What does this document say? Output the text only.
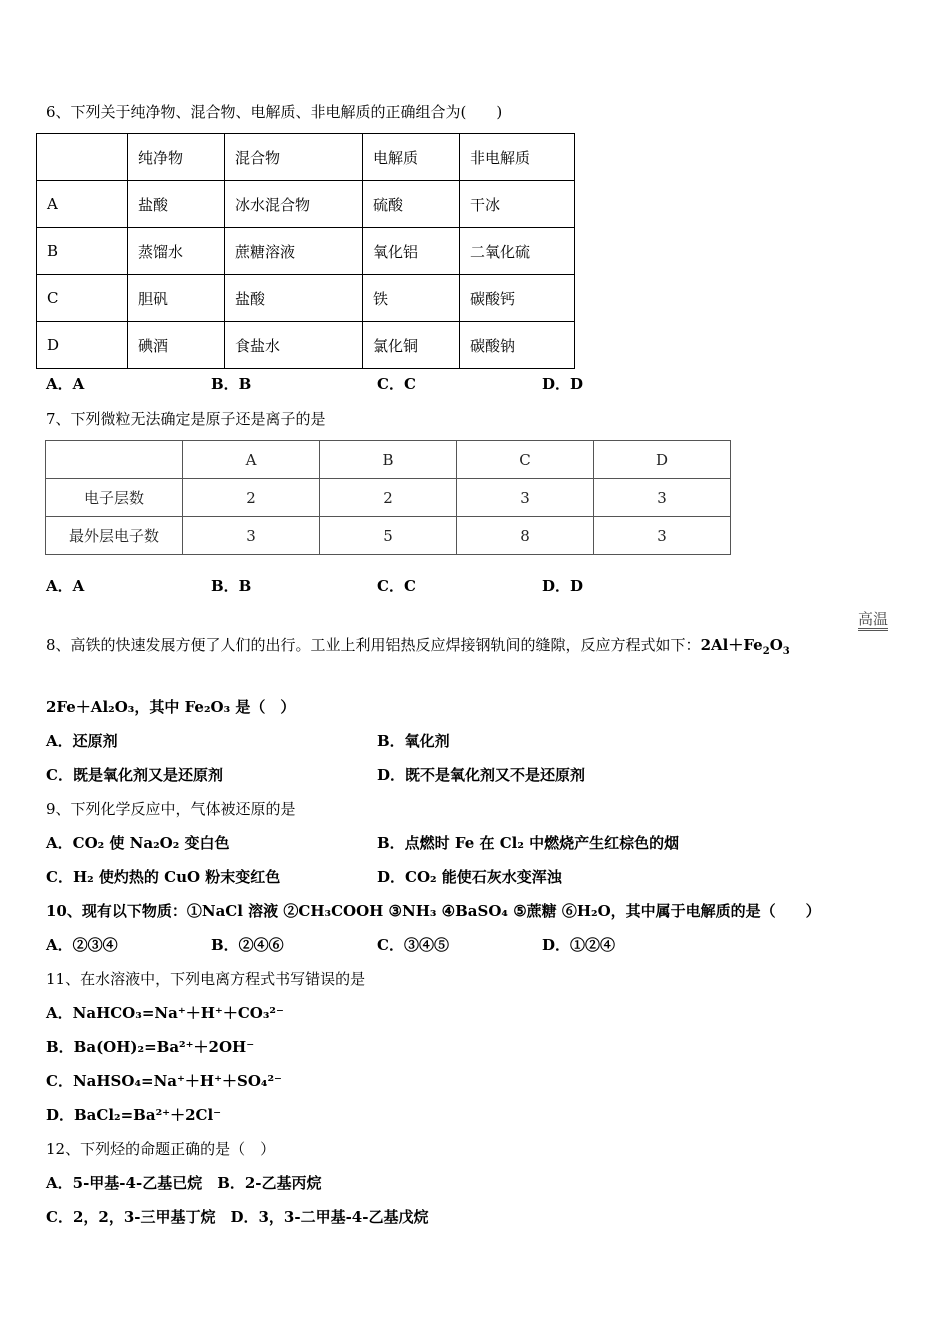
6、下列关于纯净物、混合物、电解质、非电解质的正确组合为(　　)
	纯净物	混合物	电解质	非电解质
A	盐酸	冰水混合物	硫酸	干冰
B	蒸馏水	蔗糖溶液	氧化铝	二氧化硫
C	胆矾	盐酸	铁	碳酸钙
D	碘酒	食盐水	氯化铜	碳酸钠
A．A	B．B	C．C	D．D
7、下列微粒无法确定是原子还是离子的是
	A	B	C	D
电子层数	2	2	3	3
最外层电子数	3	5	8	3
A．A	B．B	C．C	D．D
高温
8、高铁的快速发展方便了人们的出行。工业上利用铝热反应焊接钢轨间的缝隙，反应方程式如下：$2Al+Fe_2O_3$
2Fe＋Al₂O₃，其中 Fe₂O₃ 是（　）
A．还原剂	B．氧化剂
C．既是氧化剂又是还原剂	D．既不是氧化剂又不是还原剂
9、下列化学反应中，气体被还原的是
A．CO₂ 使 Na₂O₂ 变白色	B．点燃时 Fe 在 Cl₂ 中燃烧产生红棕色的烟
C．H₂ 使灼热的 CuO 粉末变红色	D．CO₂ 能使石灰水变浑浊
10、现有以下物质：①NaCl 溶液 ②CH₃COOH ③NH₃ ④BaSO₄ ⑤蔗糖 ⑥H₂O，其中属于电解质的是（　　）
A．②③④	B．②④⑥	C．③④⑤	D．①②④
11、在水溶液中，下列电离方程式书写错误的是
A．NaHCO₃=Na⁺＋H⁺＋CO₃²⁻
B．Ba(OH)₂=Ba²⁺＋2OH⁻
C．NaHSO₄=Na⁺＋H⁺＋SO₄²⁻
D．BaCl₂=Ba²⁺＋2Cl⁻
12、下列烃的命题正确的是（　）
A．5-甲基-4-乙基已烷　B．2-乙基丙烷
C．2，2，3-三甲基丁烷　D．3，3-二甲基-4-乙基戊烷
